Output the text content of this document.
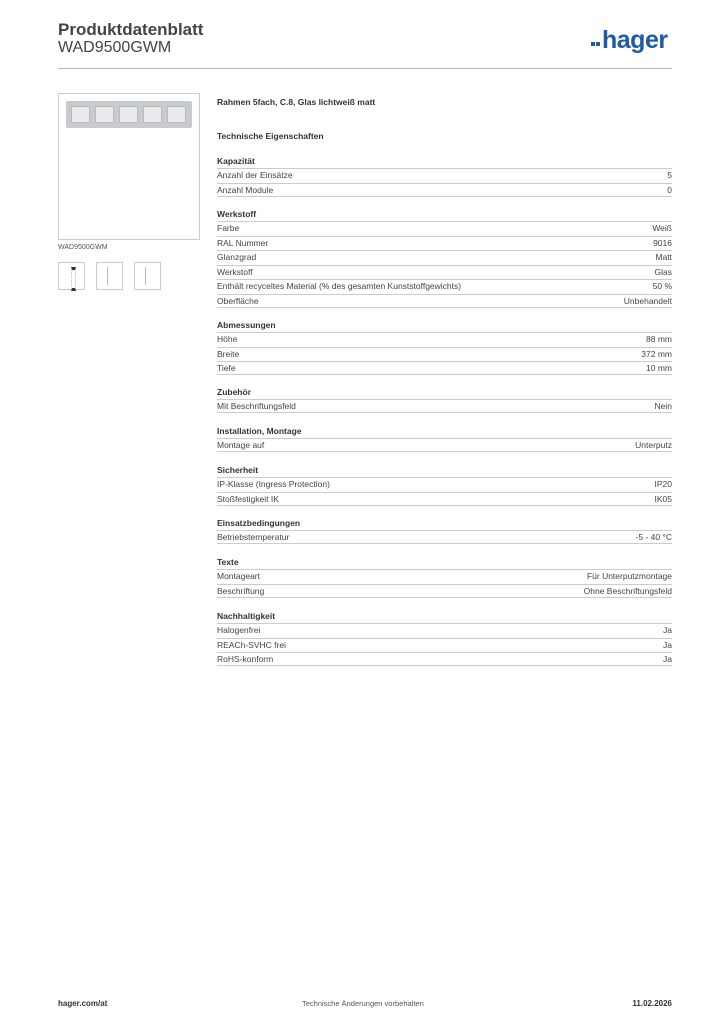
Produktdatenblatt
WAD9500GWM	hager
WAD9500GWM
Rahmen 5fach, C.8, Glas lichtweiß matt
Technische Eigenschaften
Kapazität
Anzahl der Einsätze	5
Anzahl Module	0
Werkstoff
Farbe	Weiß
RAL Nummer	9016
Glanzgrad	Matt
Werkstoff	Glas
Enthält recyceltes Material (% des gesamten Kunststoffgewichts)	50 %
Oberfläche	Unbehandelt
Abmessungen
Höhe	88 mm
Breite	372 mm
Tiefe	10 mm
Zubehör
Mit Beschriftungsfeld	Nein
Installation, Montage
Montage auf	Unterputz
Sicherheit
IP-Klasse (Ingress Protection)	IP20
Stoßfestigkeit IK	IK05
Einsatzbedingungen
Betriebstemperatur	-5 - 40 °C
Texte
Montageart	Für Unterputzmontage
Beschriftung	Ohne Beschriftungsfeld
Nachhaltigkeit
Halogenfrei	Ja
REACh-SVHC frei	Ja
RoHS-konform	Ja
hager.com/at	Technische Änderungen vorbehalten	11.02.2026
